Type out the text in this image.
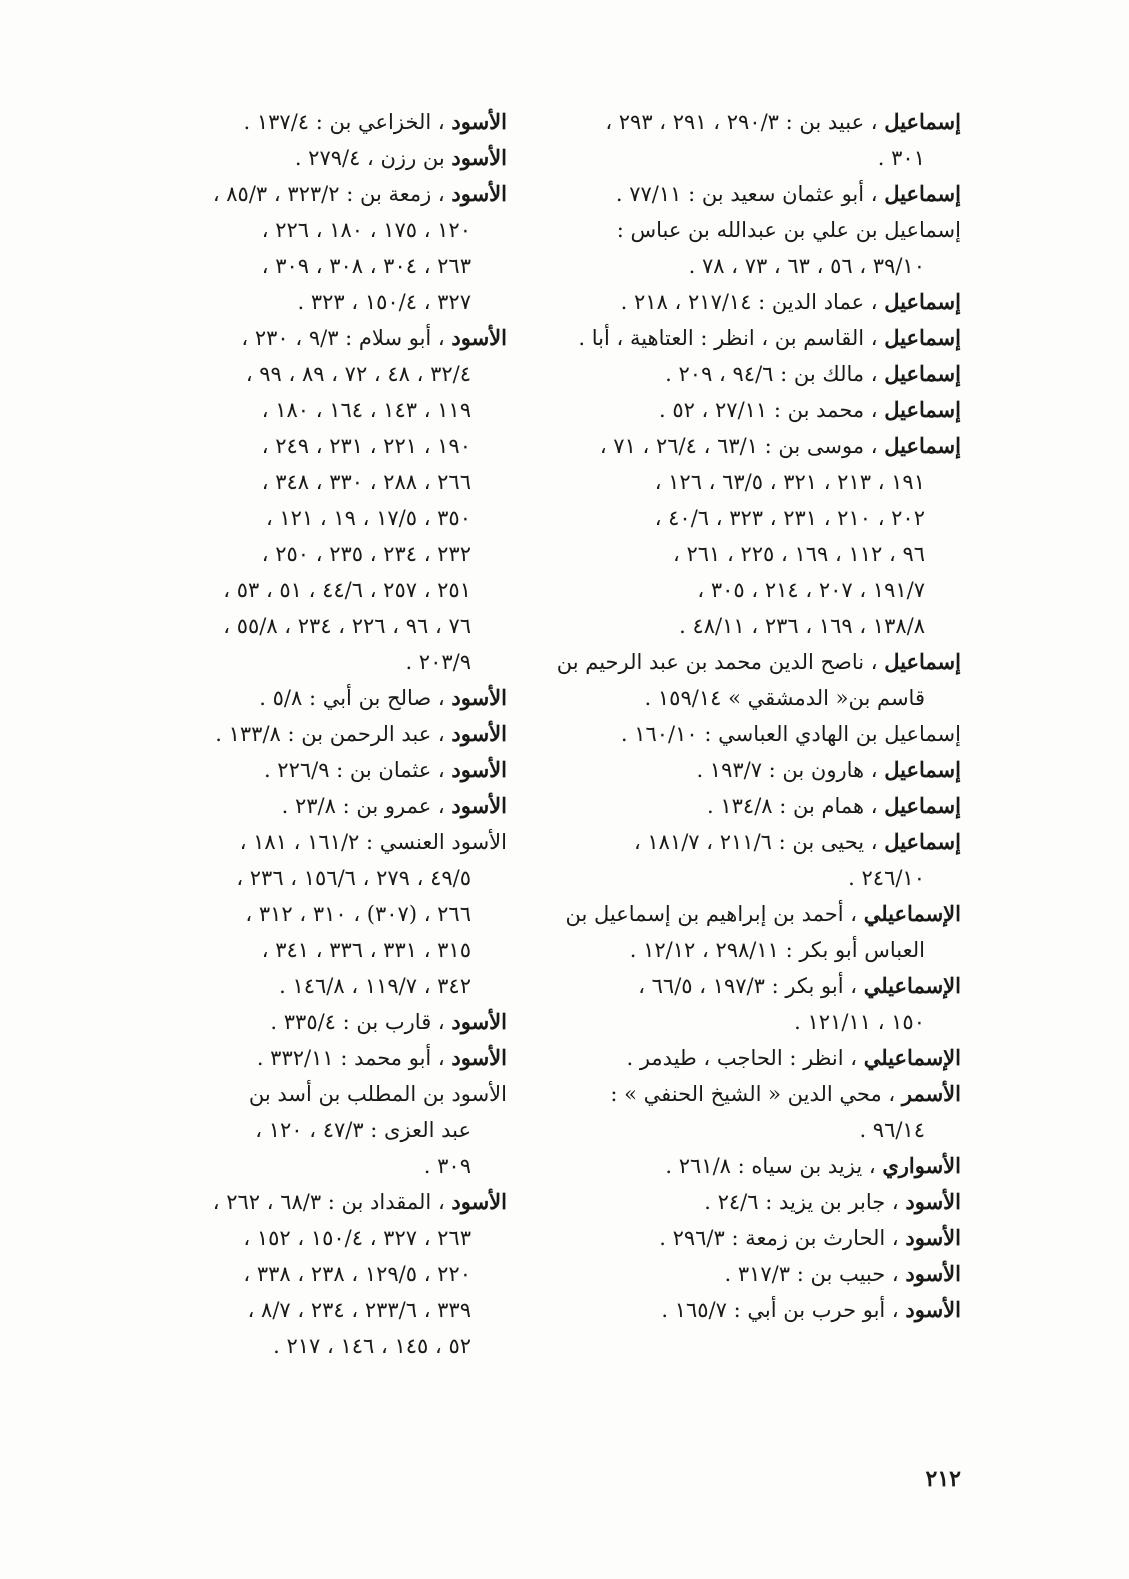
إسماعيل ، عبيد بن : ٢٩٠/٣ ، ٢٩١ ، ٢٩٣ ،
٣٠١ .
إسماعيل ، أبو عثمان سعيد بن : ٧٧/١١ .
إسماعيل بن علي بن عبدالله بن عباس :
٣٩/١٠ ، ٥٦ ، ٦٣ ، ٧٣ ، ٧٨ .
إسماعيل ، عماد الدين : ٢١٧/١٤ ، ٢١٨ .
إسماعيل ، القاسم بن ، انظر : العتاهية ، أبا .
إسماعيل ، مالك بن : ٩٤/٦ ، ٢٠٩ .
إسماعيل ، محمد بن : ٢٧/١١ ، ٥٢ .
إسماعيل ، موسى بن : ٦٣/١ ، ٢٦/٤ ، ٧١ ،
١٩١ ، ٢١٣ ، ٣٢١ ، ٦٣/٥ ، ١٢٦ ،
٢٠٢ ، ٢١٠ ، ٢٣١ ، ٣٢٣ ، ٤٠/٦ ،
٩٦ ، ١١٢ ، ١٦٩ ، ٢٢٥ ، ٢٦١ ،
١٩١/٧ ، ٢٠٧ ، ٢١٤ ، ٣٠٥ ،
١٣٨/٨ ، ١٦٩ ، ٢٣٦ ، ٤٨/١١ .
إسماعيل ، ناصح الدين محمد بن عبد الرحيم بن
قاسم بن« الدمشقي » ١٥٩/١٤ .
إسماعيل بن الهادي العباسي : ١٦٠/١٠ .
إسماعيل ، هارون بن : ١٩٣/٧ .
إسماعيل ، همام بن : ١٣٤/٨ .
إسماعيل ، يحيى بن : ٢١١/٦ ، ١٨١/٧ ،
٢٤٦/١٠ .
الإسماعيلي ، أحمد بن إبراهيم بن إسماعيل بن
العباس أبو بكر : ٢٩٨/١١ ، ١٢/١٢ .
الإسماعيلي ، أبو بكر : ١٩٧/٣ ، ٦٦/٥ ،
١٥٠ ، ١٢١/١١ .
الإسماعيلي ، انظر : الحاجب ، طيدمر .
الأسمر ، محي الدين « الشيخ الحنفي » :
٩٦/١٤ .
الأسواري ، يزيد بن سياه : ٢٦١/٨ .
الأسود ، جابر بن يزيد : ٢٤/٦ .
الأسود ، الحارث بن زمعة : ٢٩٦/٣ .
الأسود ، حبيب بن : ٣١٧/٣ .
الأسود ، أبو حرب بن أبي : ١٦٥/٧ .
الأسود ، الخزاعي بن : ١٣٧/٤ .
الأسود بن رزن ، ٢٧٩/٤ .
الأسود ، زمعة بن : ٣٢٣/٢ ، ٨٥/٣ ،
١٢٠ ، ١٧٥ ، ١٨٠ ، ٢٢٦ ،
٢٦٣ ، ٣٠٤ ، ٣٠٨ ، ٣٠٩ ،
٣٢٧ ، ١٥٠/٤ ، ٣٢٣ .
الأسود ، أبو سلام : ٩/٣ ، ٢٣٠ ،
٣٢/٤ ، ٤٨ ، ٧٢ ، ٨٩ ، ٩٩ ،
١١٩ ، ١٤٣ ، ١٦٤ ، ١٨٠ ،
١٩٠ ، ٢٢١ ، ٢٣١ ، ٢٤٩ ،
٢٦٦ ، ٢٨٨ ، ٣٣٠ ، ٣٤٨ ،
٣٥٠ ، ١٧/٥ ، ١٩ ، ١٢١ ،
٢٣٢ ، ٢٣٤ ، ٢٣٥ ، ٢٥٠ ،
٢٥١ ، ٢٥٧ ، ٤٤/٦ ، ٥١ ، ٥٣ ،
٧٦ ، ٩٦ ، ٢٢٦ ، ٢٣٤ ، ٥٥/٨ ،
٢٠٣/٩ .
الأسود ، صالح بن أبي : ٥/٨ .
الأسود ، عبد الرحمن بن : ١٣٣/٨ .
الأسود ، عثمان بن : ٢٢٦/٩ .
الأسود ، عمرو بن : ٢٣/٨ .
الأسود العنسي : ١٦١/٢ ، ١٨١ ،
٤٩/٥ ، ٢٧٩ ، ١٥٦/٦ ، ٢٣٦ ،
٢٦٦ ، (٣٠٧) ، ٣١٠ ، ٣١٢ ،
٣١٥ ، ٣٣١ ، ٣٣٦ ، ٣٤١ ،
٣٤٢ ، ١١٩/٧ ، ١٤٦/٨ .
الأسود ، قارب بن : ٣٣٥/٤ .
الأسود ، أبو محمد : ٣٣٢/١١ .
الأسود بن المطلب بن أسد بن
عبد العزى : ٤٧/٣ ، ١٢٠ ،
٣٠٩ .
الأسود ، المقداد بن : ٦٨/٣ ، ٢٦٢ ،
٢٦٣ ، ٣٢٧ ، ١٥٠/٤ ، ١٥٢ ،
٢٢٠ ، ١٢٩/٥ ، ٢٣٨ ، ٣٣٨ ،
٣٣٩ ، ٢٣٣/٦ ، ٢٣٤ ، ٨/٧ ،
٥٢ ، ١٤٥ ، ١٤٦ ، ٢١٧ .
٢١٢
